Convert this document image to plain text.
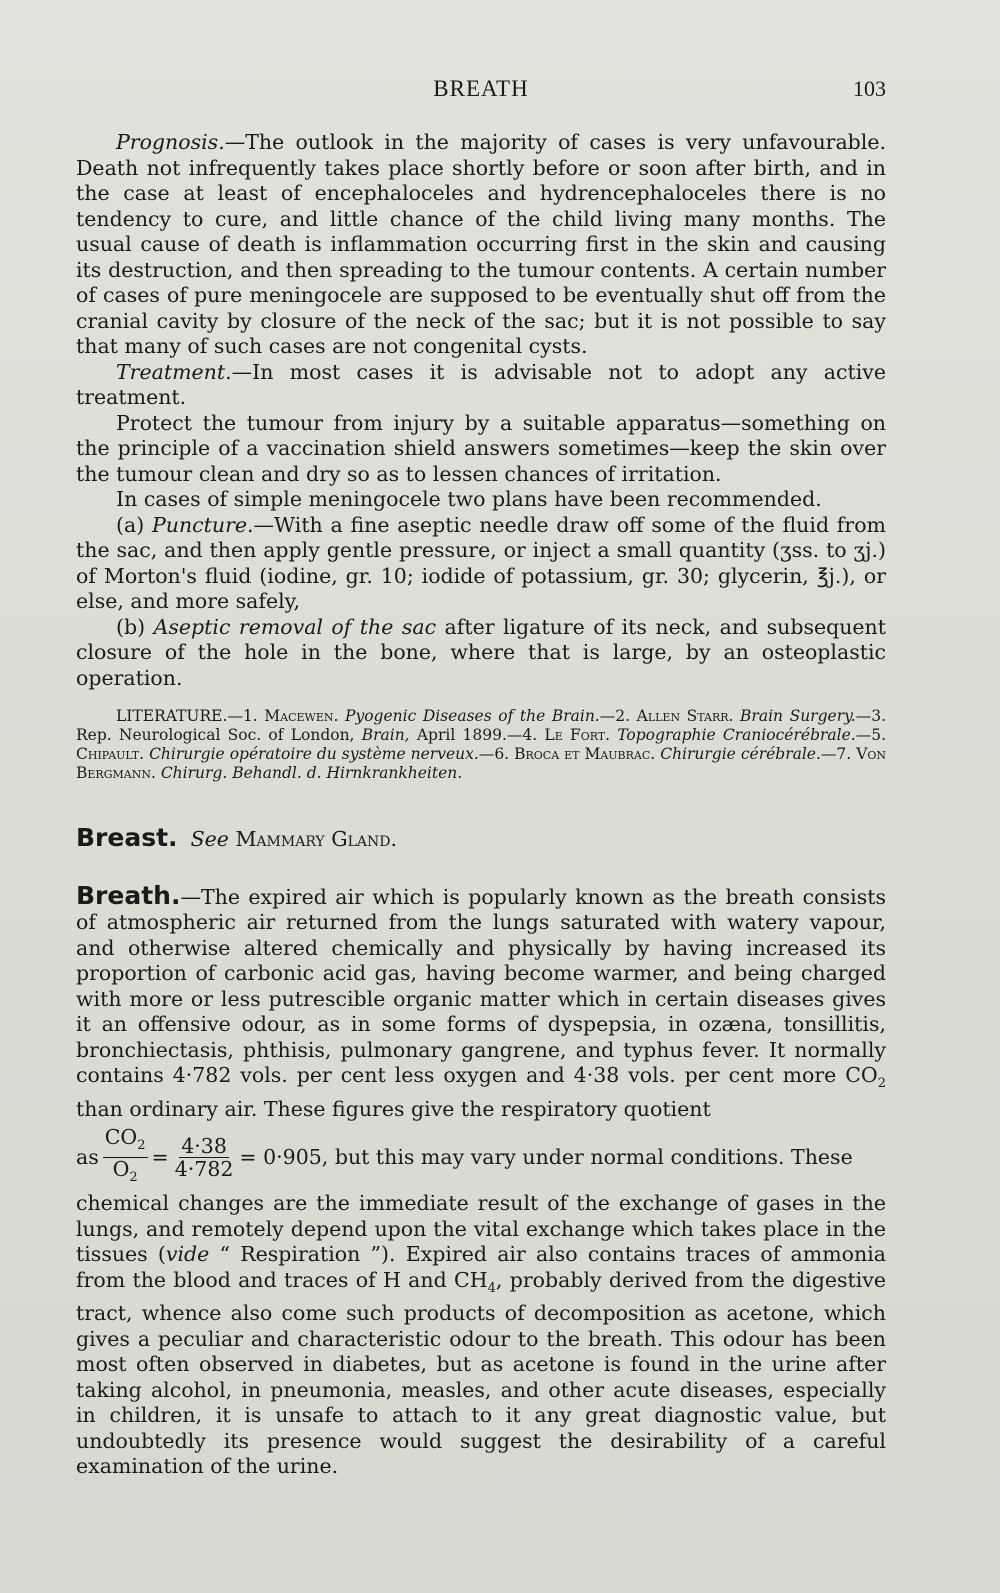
BREATH	103

Prognosis.—The outlook in the majority of cases is very unfavourable. Death not infrequently takes place shortly before or soon after birth, and in the case at least of encephaloceles and hydrencephaloceles there is no tendency to cure, and little chance of the child living many months. The usual cause of death is inflammation occurring first in the skin and causing its destruction, and then spreading to the tumour contents. A certain number of cases of pure meningocele are supposed to be eventually shut off from the cranial cavity by closure of the neck of the sac; but it is not possible to say that many of such cases are not congenital cysts.

Treatment.—In most cases it is advisable not to adopt any active treatment.

Protect the tumour from injury by a suitable apparatus—something on the principle of a vaccination shield answers sometimes—keep the skin over the tumour clean and dry so as to lessen chances of irritation.

In cases of simple meningocele two plans have been recommended.

(a) Puncture.—With a fine aseptic needle draw off some of the fluid from the sac, and then apply gentle pressure, or inject a small quantity (ʒss. to ʒj.) of Morton's fluid (iodine, gr. 10; iodide of potassium, gr. 30; glycerin, ℥j.), or else, and more safely,

(b) Aseptic removal of the sac after ligature of its neck, and subsequent closure of the hole in the bone, where that is large, by an osteoplastic operation.

LITERATURE.—1. Macewen. Pyogenic Diseases of the Brain.—2. Allen Starr. Brain Surgery.—3. Rep. Neurological Soc. of London, Brain, April 1899.—4. Le Fort. Topographie Craniocérébrale.—5. Chipault. Chirurgie opératoire du système nerveux.—6. Broca et Maubrac. Chirurgie cérébrale.—7. Von Bergmann. Chirurg. Behandl. d. Hirnkrankheiten.
Breast. See Mammary Gland.
Breath.—The expired air which is popularly known as the breath consists of atmospheric air returned from the lungs saturated with watery vapour, and otherwise altered chemically and physically by having increased its proportion of carbonic acid gas, having become warmer, and being charged with more or less putrescible organic matter which in certain diseases gives it an offensive odour, as in some forms of dyspepsia, in ozæna, tonsillitis, bronchiectasis, phthisis, pulmonary gangrene, and typhus fever. It normally contains 4·782 vols. per cent less oxygen and 4·38 vols. per cent more $CO_2$ than ordinary air. These figures give the respiratory quotient
as $\frac{CO_2}{O_2} = \frac{4\cdot 38}{4\cdot 782} = 0\cdot 905$, but this may vary under normal conditions. These
chemical changes are the immediate result of the exchange of gases in the lungs, and remotely depend upon the vital exchange which takes place in the tissues (vide “ Respiration ”). Expired air also contains traces of ammonia from the blood and traces of H and $CH_4$, probably derived from the digestive tract, whence also come such products of decomposition as acetone, which gives a peculiar and characteristic odour to the breath. This odour has been most often observed in diabetes, but as acetone is found in the urine after taking alcohol, in pneumonia, measles, and other acute diseases, especially in children, it is unsafe to attach to it any great diagnostic value, but undoubtedly its presence would suggest the desirability of a careful examination of the urine.
